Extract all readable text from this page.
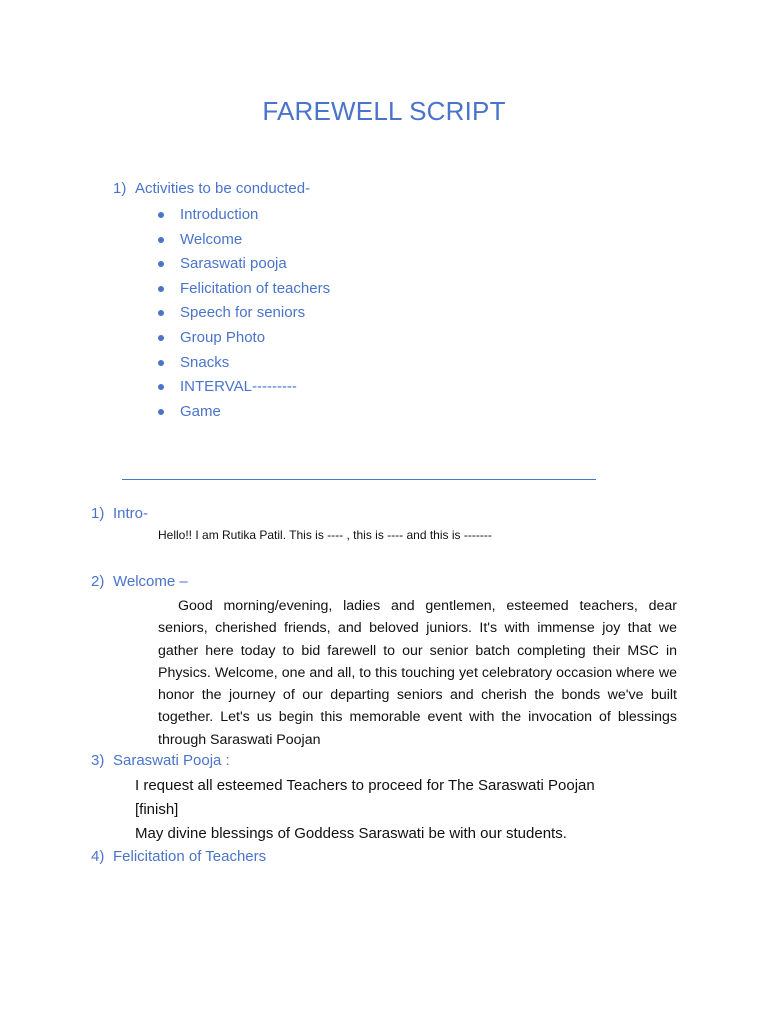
FAREWELL SCRIPT
1) Activities to be conducted-
Introduction
Welcome
Saraswati pooja
Felicitation of teachers
Speech for seniors
Group Photo
Snacks
INTERVAL---------
Game
1) Intro-
Hello!! I am Rutika Patil. This is ---- , this is ---- and this is -------
2) Welcome –
Good morning/evening, ladies and gentlemen, esteemed teachers, dear seniors, cherished friends, and beloved juniors. It's with immense joy that we gather here today to bid farewell to our senior batch completing their MSC in Physics. Welcome, one and all, to this touching yet celebratory occasion where we honor the journey of our departing seniors and cherish the bonds we've built together. Let's us begin this memorable event with the invocation of blessings through Saraswati Poojan
3) Saraswati Pooja :
I request all esteemed Teachers to proceed for The Saraswati Poojan
[finish]
May divine blessings of Goddess Saraswati be with our students.
4) Felicitation of Teachers
